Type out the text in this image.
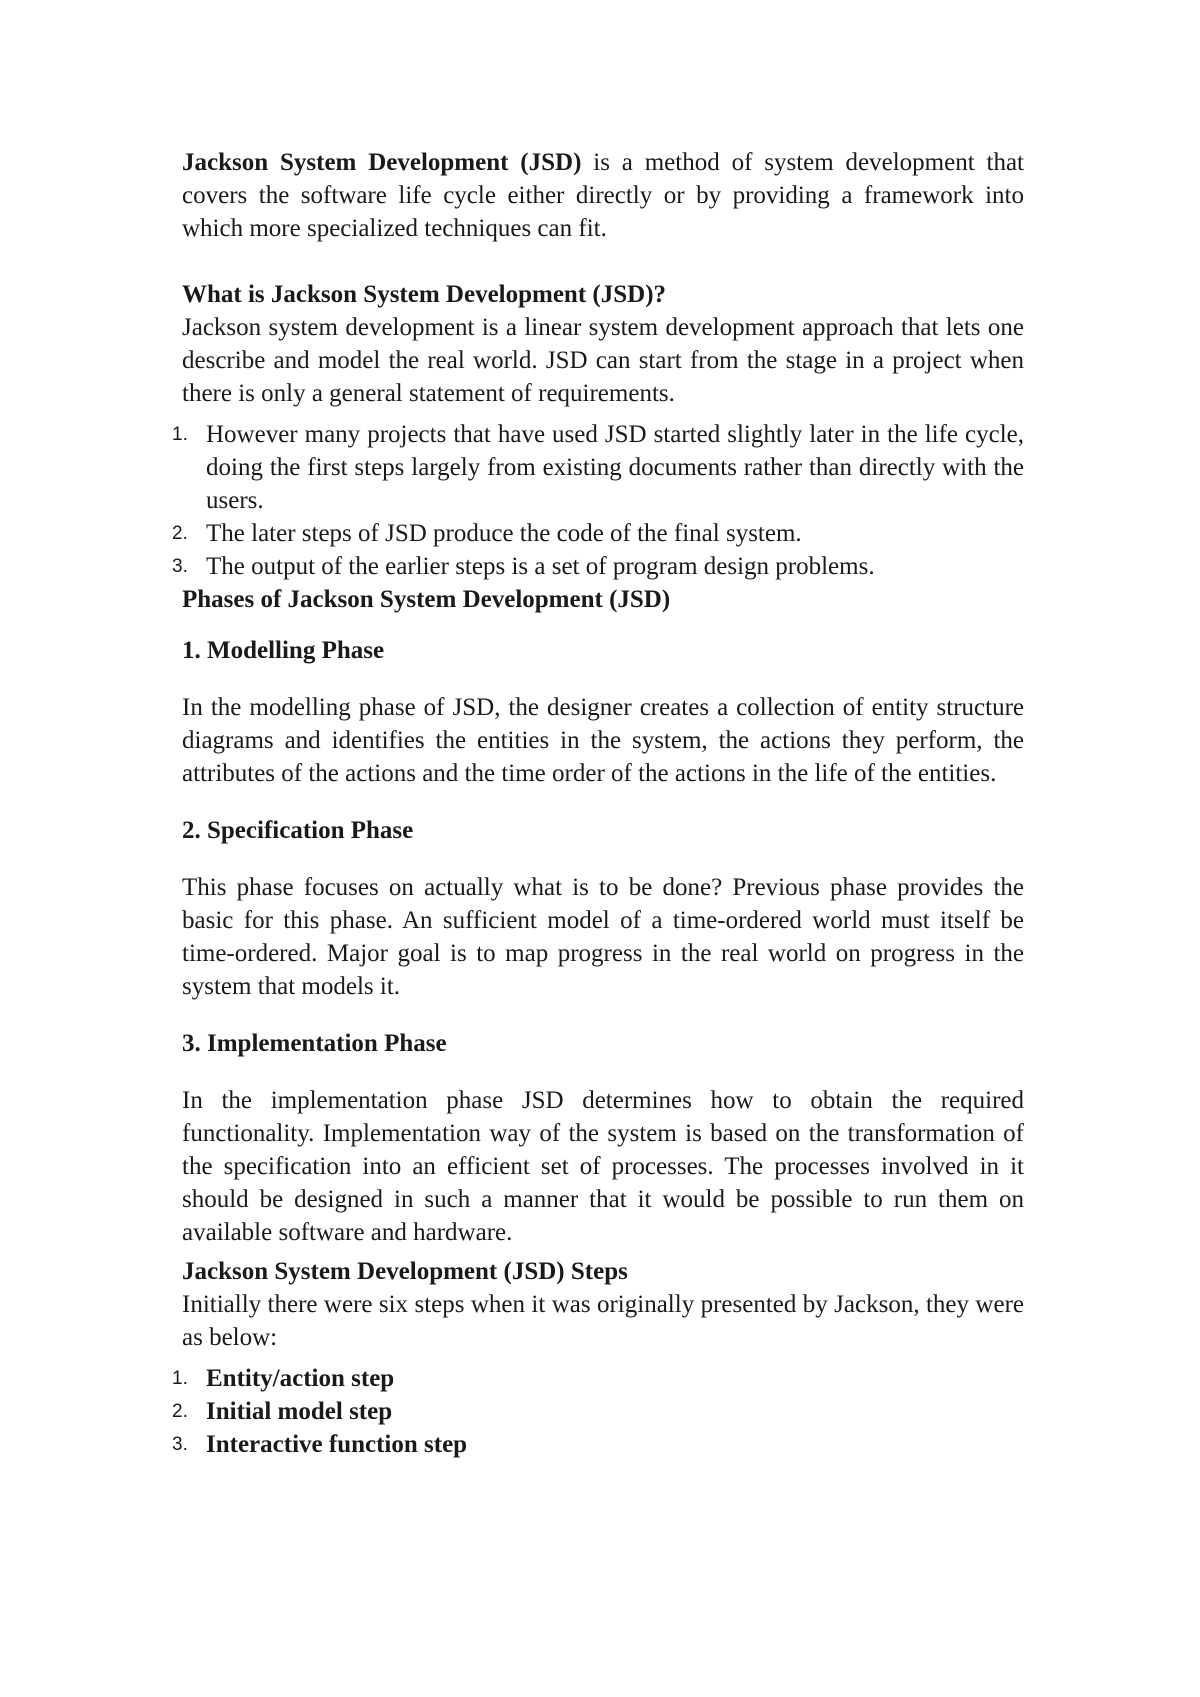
Jackson System Development (JSD) is a method of system development that covers the software life cycle either directly or by providing a framework into which more specialized techniques can fit.

What is Jackson System Development (JSD)?

Jackson system development is a linear system development approach that lets one describe and model the real world. JSD can start from the stage in a project when there is only a general statement of requirements.

1. However many projects that have used JSD started slightly later in the life cycle, doing the first steps largely from existing documents rather than directly with the users.
2. The later steps of JSD produce the code of the final system.
3. The output of the earlier steps is a set of program design problems.

Phases of Jackson System Development (JSD)

1. Modelling Phase

In the modelling phase of JSD, the designer creates a collection of entity structure diagrams and identifies the entities in the system, the actions they perform, the attributes of the actions and the time order of the actions in the life of the entities.

2. Specification Phase

This phase focuses on actually what is to be done? Previous phase provides the basic for this phase. An sufficient model of a time-ordered world must itself be time-ordered. Major goal is to map progress in the real world on progress in the system that models it.

3. Implementation Phase

In the implementation phase JSD determines how to obtain the required functionality. Implementation way of the system is based on the transformation of the specification into an efficient set of processes. The processes involved in it should be designed in such a manner that it would be possible to run them on available software and hardware.

Jackson System Development (JSD) Steps

Initially there were six steps when it was originally presented by Jackson, they were as below:

1. Entity/action step
2. Initial model step
3. Interactive function step
